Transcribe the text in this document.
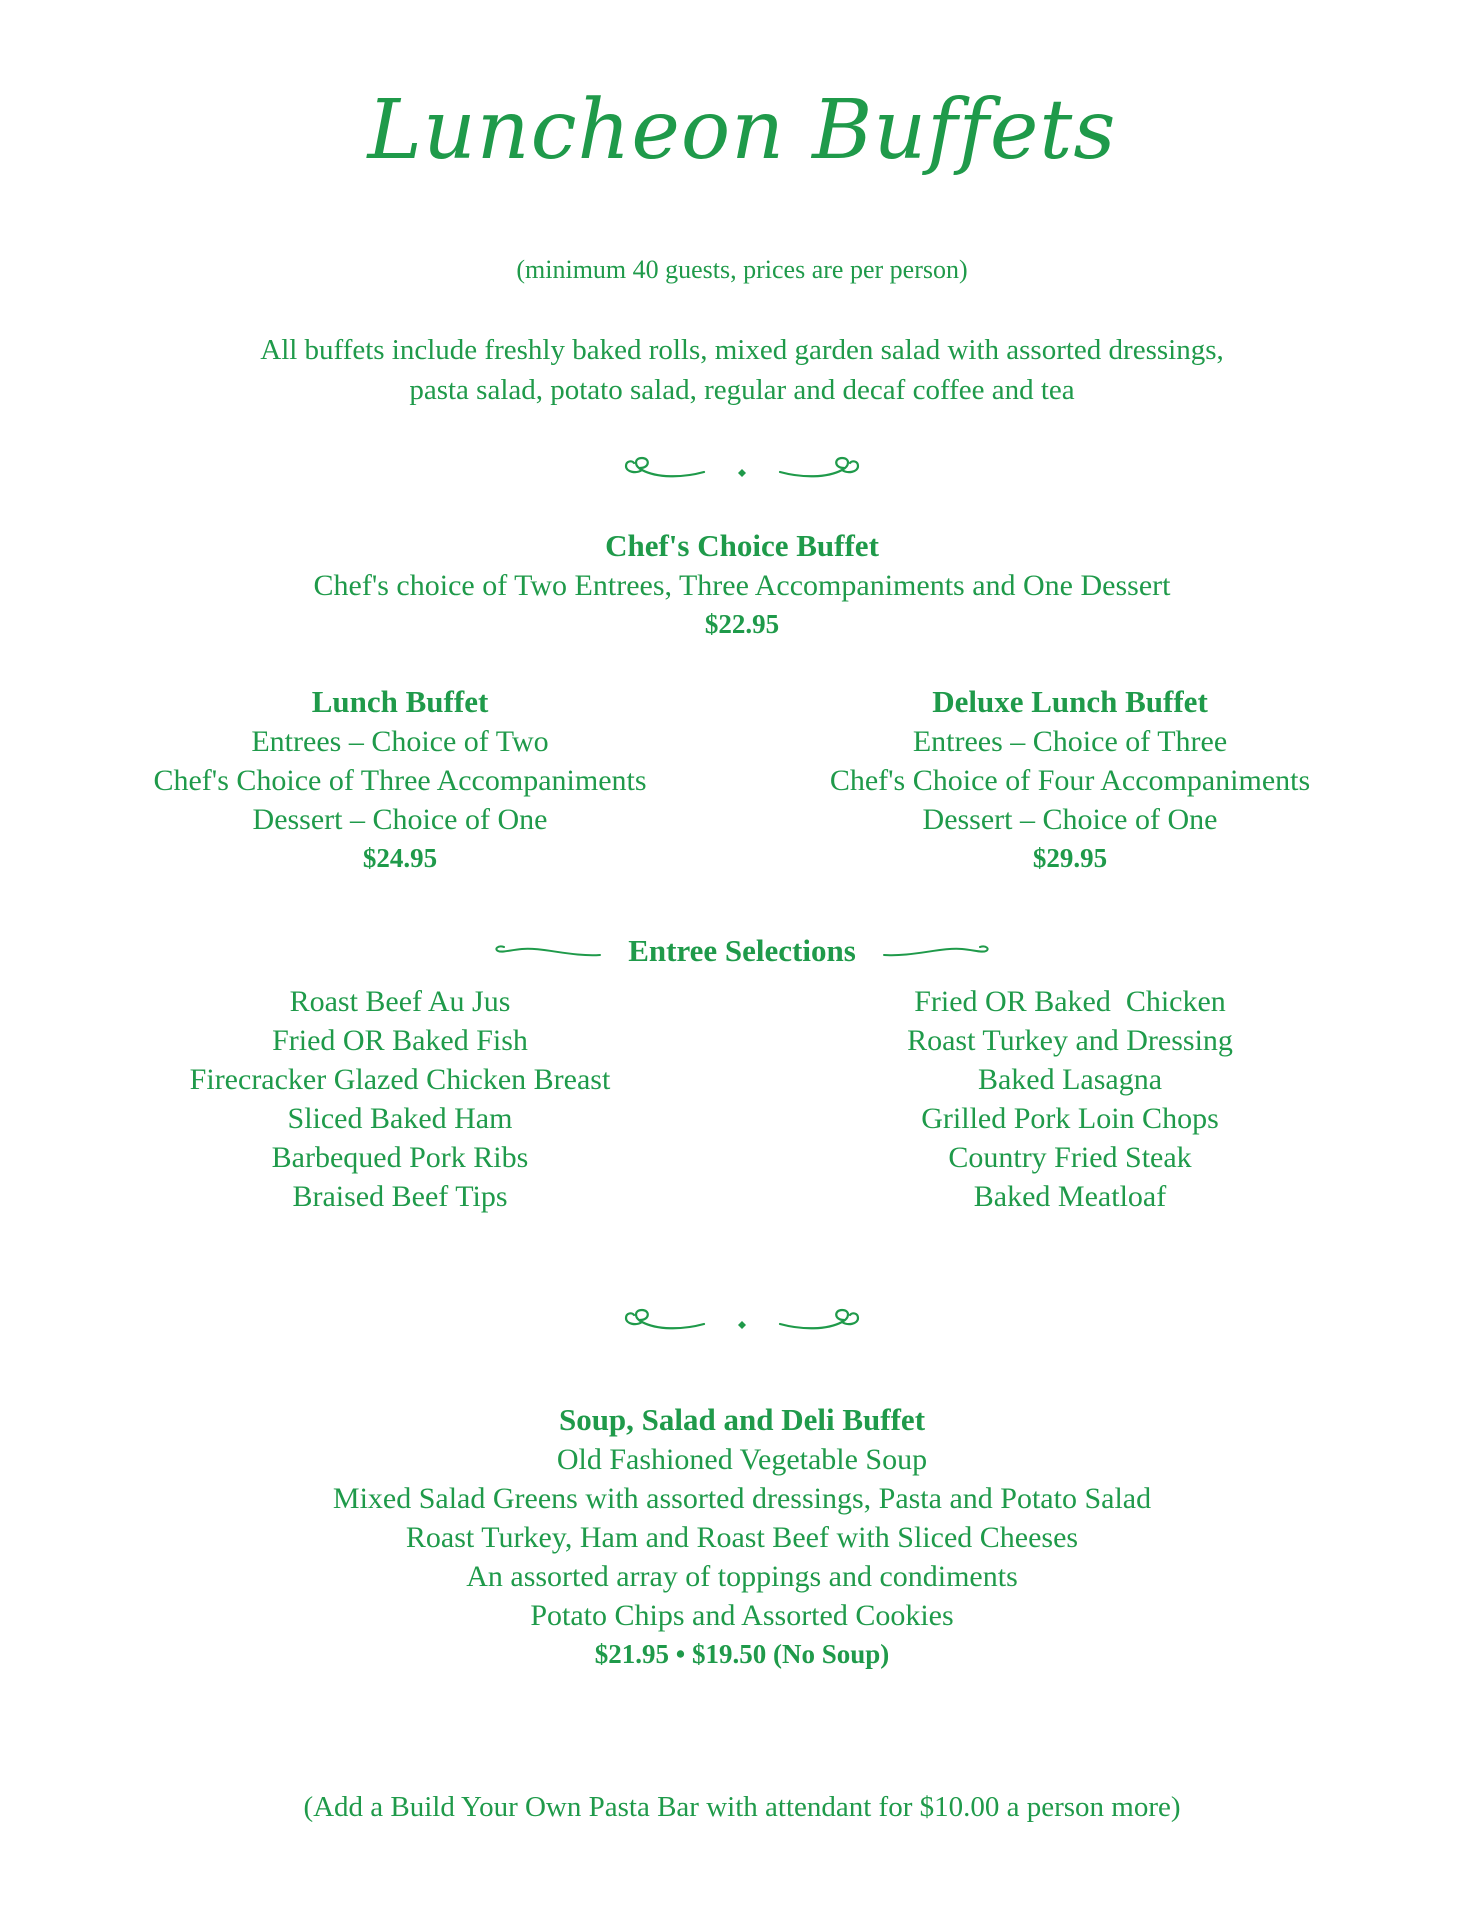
Luncheon Buffets
(minimum 40 guests, prices are per person)
All buffets include freshly baked rolls, mixed garden salad with assorted dressings,
pasta salad, potato salad, regular and decaf coffee and tea
Chef's Choice Buffet
Chef's choice of Two Entrees, Three Accompaniments and One Dessert
$22.95
Lunch Buffet
Entrees – Choice of Two
Chef's Choice of Three Accompaniments
Dessert – Choice of One
$24.95
Deluxe Lunch Buffet
Entrees – Choice of Three
Chef's Choice of Four Accompaniments
Dessert – Choice of One
$29.95
Entree Selections
Roast Beef Au Jus
Fried OR Baked Fish
Firecracker Glazed Chicken Breast
Sliced Baked Ham
Barbequed Pork Ribs
Braised Beef Tips
Fried OR Baked  Chicken
Roast Turkey and Dressing
Baked Lasagna
Grilled Pork Loin Chops
Country Fried Steak
Baked Meatloaf
Soup, Salad and Deli Buffet
Old Fashioned Vegetable Soup
Mixed Salad Greens with assorted dressings, Pasta and Potato Salad
Roast Turkey, Ham and Roast Beef with Sliced Cheeses
An assorted array of toppings and condiments
Potato Chips and Assorted Cookies
$21.95 • $19.50 (No Soup)
(Add a Build Your Own Pasta Bar with attendant for $10.00 a person more)
